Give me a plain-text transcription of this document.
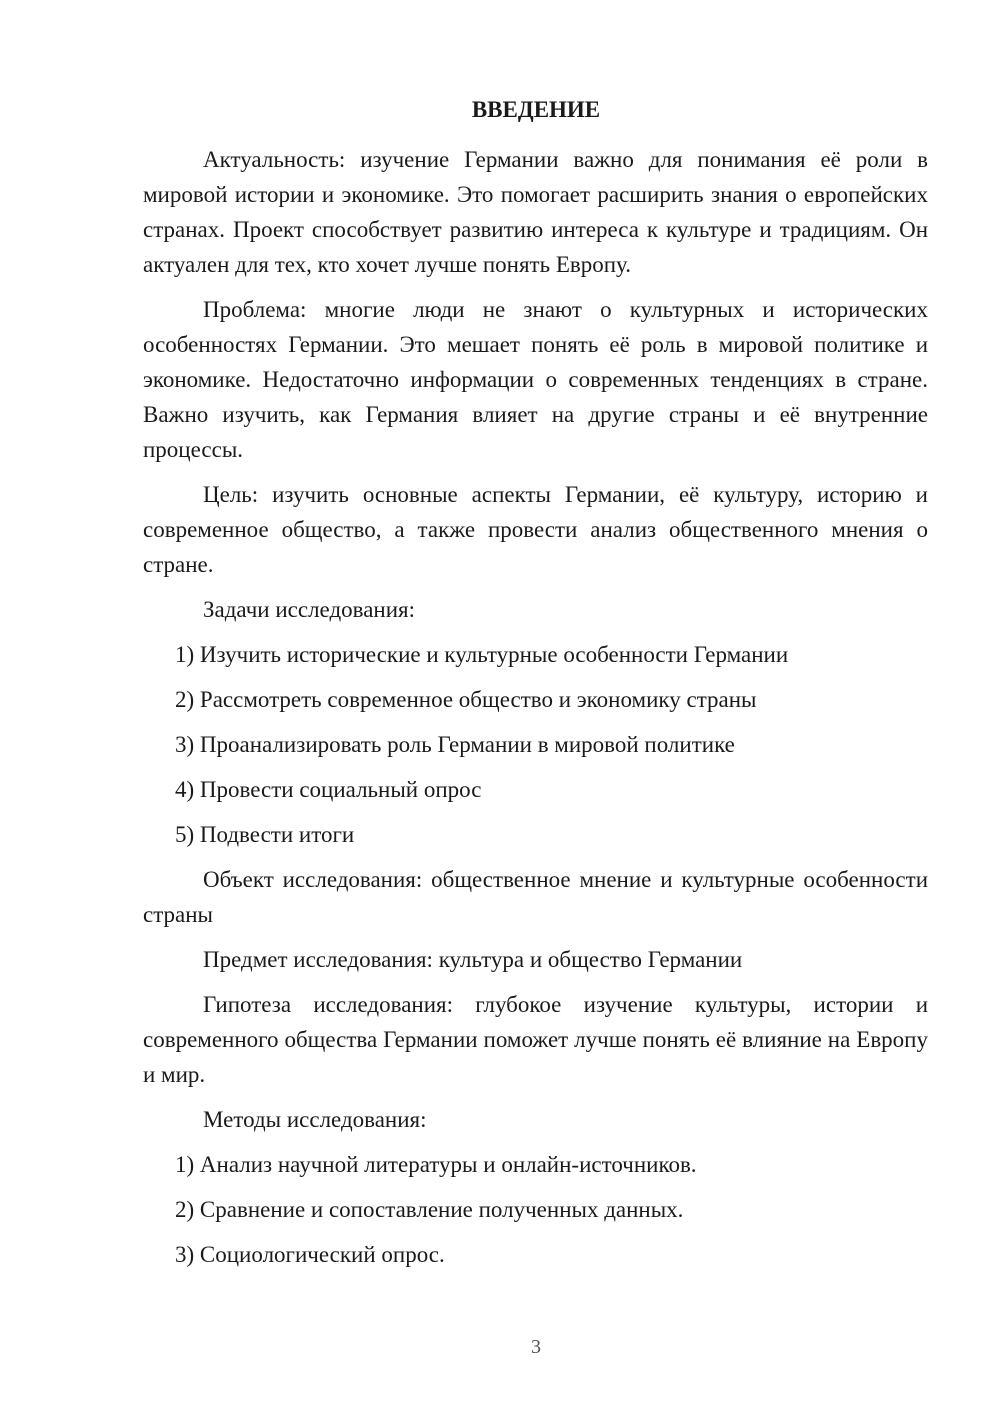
ВВЕДЕНИЕ

Актуальность: изучение Германии важно для понимания её роли в мировой истории и экономике. Это помогает расширить знания о европейских странах. Проект способствует развитию интереса к культуре и традициям. Он актуален для тех, кто хочет лучше понять Европу.

Проблема: многие люди не знают о культурных и исторических особенностях Германии. Это мешает понять её роль в мировой политике и экономике. Недостаточно информации о современных тенденциях в стране. Важно изучить, как Германия влияет на другие страны и её внутренние процессы.

Цель: изучить основные аспекты Германии, её культуру, историю и современное общество, а также провести анализ общественного мнения о стране.

Задачи исследования:

1) Изучить исторические и культурные особенности Германии

2) Рассмотреть современное общество и экономику страны

3) Проанализировать роль Германии в мировой политике

4) Провести социальный опрос

5) Подвести итоги

Объект исследования: общественное мнение и культурные особенности страны

Предмет исследования: культура и общество Германии

Гипотеза исследования: глубокое изучение культуры, истории и современного общества Германии поможет лучше понять её влияние на Европу и мир.

Методы исследования:

1) Анализ научной литературы и онлайн-источников.

2) Сравнение и сопоставление полученных данных.

3) Социологический опрос.

3
